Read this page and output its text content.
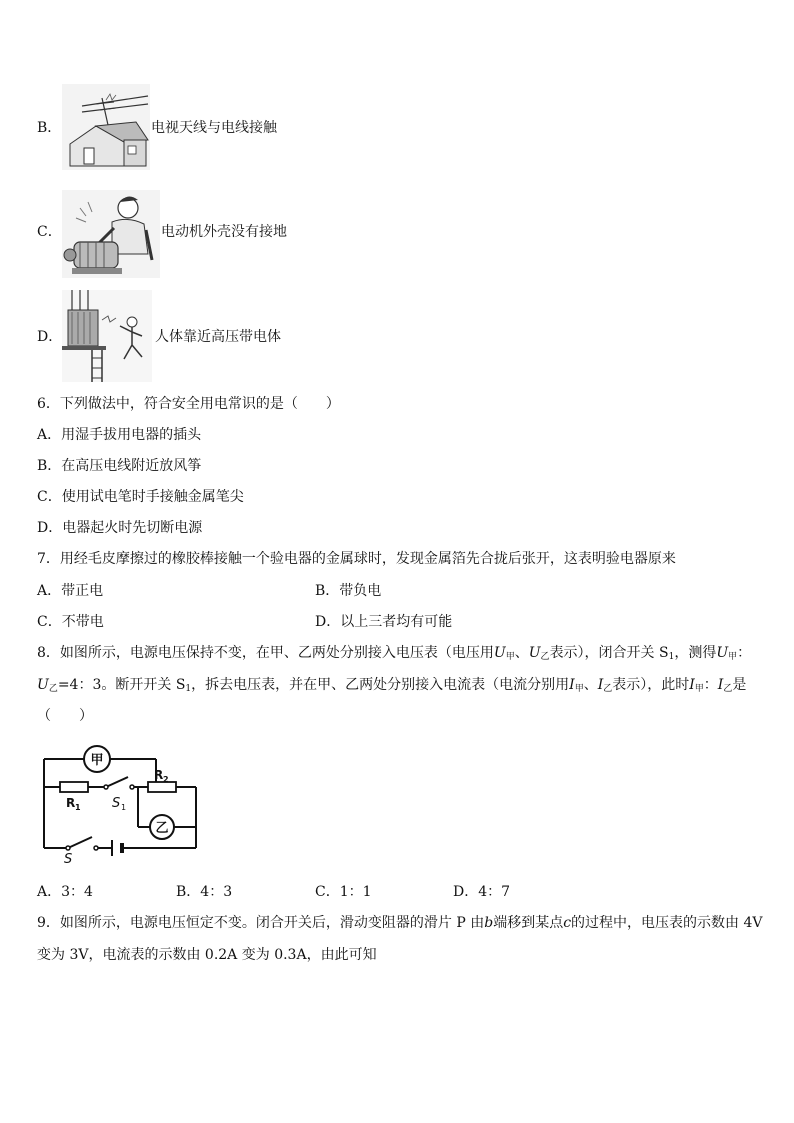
B．	电视天线与电线接触
C．	电动机外壳没有接地
D．	人体靠近高压带电体
6．下列做法中，符合安全用电常识的是（　　）
A．用湿手拔用电器的插头
B．在高压电线附近放风筝
C．使用试电笔时手接触金属笔尖
D．电器起火时先切断电源
7．用经毛皮摩擦过的橡胶棒接触一个验电器的金属球时，发现金属箔先合拢后张开，这表明验电器原来
A．带正电	B．带负电
C．不带电	D．以上三者均有可能
8．如图所示，电源电压保持不变，在甲、乙两处分别接入电压表（电压用$U_甲$、$U_乙$表示），闭合开关 $S_1$，测得$U_甲$：
$U_乙=4$：3。断开开关 $S_1$，拆去电压表，并在甲、乙两处分别接入电流表（电流分别用$I_甲$、$I_乙$表示），此时$I_甲$：$I_乙$是
（　　）
甲
乙
R 1
R 2
S 1
S
A．3：4	B．4：3	C．1：1	D．4：7
9．如图所示，电源电压恒定不变。闭合开关后，滑动变阻器的滑片 P 由b端移到某点c的过程中，电压表的示数由 4V
变为 3V，电流表的示数由 0.2A 变为 0.3A，由此可知
